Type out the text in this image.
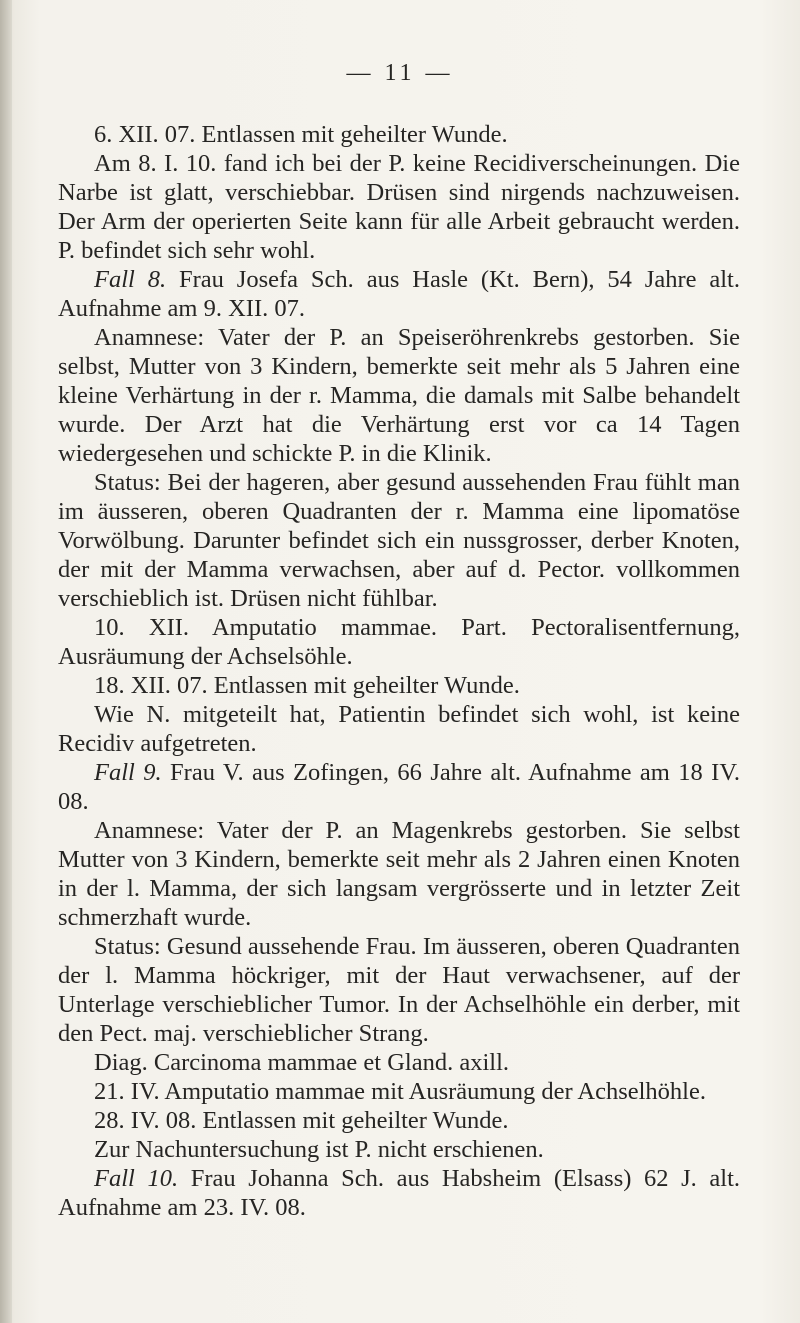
— 11 —

6. XII. 07. Entlassen mit geheilter Wunde.

Am 8. I. 10. fand ich bei der P. keine Recidiverscheinungen. Die Narbe ist glatt, verschiebbar. Drüsen sind nirgends nachzuweisen. Der Arm der operierten Seite kann für alle Arbeit gebraucht werden. P. befindet sich sehr wohl.

Fall 8. Frau Josefa Sch. aus Hasle (Kt. Bern), 54 Jahre alt. Aufnahme am 9. XII. 07.

Anamnese: Vater der P. an Speiseröhrenkrebs gestorben. Sie selbst, Mutter von 3 Kindern, bemerkte seit mehr als 5 Jahren eine kleine Verhärtung in der r. Mamma, die damals mit Salbe behandelt wurde. Der Arzt hat die Verhärtung erst vor ca 14 Tagen wiedergesehen und schickte P. in die Klinik.

Status: Bei der hageren, aber gesund aussehenden Frau fühlt man im äusseren, oberen Quadranten der r. Mamma eine lipomatöse Vorwölbung. Darunter befindet sich ein nussgrosser, derber Knoten, der mit der Mamma verwachsen, aber auf d. Pector. vollkommen verschieblich ist. Drüsen nicht fühlbar.

10. XII. Amputatio mammae. Part. Pectoralisentfernung, Ausräumung der Achselsöhle.

18. XII. 07. Entlassen mit geheilter Wunde.

Wie N. mitgeteilt hat, Patientin befindet sich wohl, ist keine Recidiv aufgetreten.

Fall 9. Frau V. aus Zofingen, 66 Jahre alt. Aufnahme am 18 IV. 08.

Anamnese: Vater der P. an Magenkrebs gestorben. Sie selbst Mutter von 3 Kindern, bemerkte seit mehr als 2 Jahren einen Knoten in der l. Mamma, der sich langsam vergrösserte und in letzter Zeit schmerzhaft wurde.

Status: Gesund aussehende Frau. Im äusseren, oberen Quadranten der l. Mamma höckriger, mit der Haut verwachsener, auf der Unterlage verschieblicher Tumor. In der Achselhöhle ein derber, mit den Pect. maj. verschieblicher Strang.

Diag. Carcinoma mammae et Gland. axill.

21. IV. Amputatio mammae mit Ausräumung der Achselhöhle.

28. IV. 08. Entlassen mit geheilter Wunde.

Zur Nachuntersuchung ist P. nicht erschienen.

Fall 10. Frau Johanna Sch. aus Habsheim (Elsass) 62 J. alt. Aufnahme am 23. IV. 08.
